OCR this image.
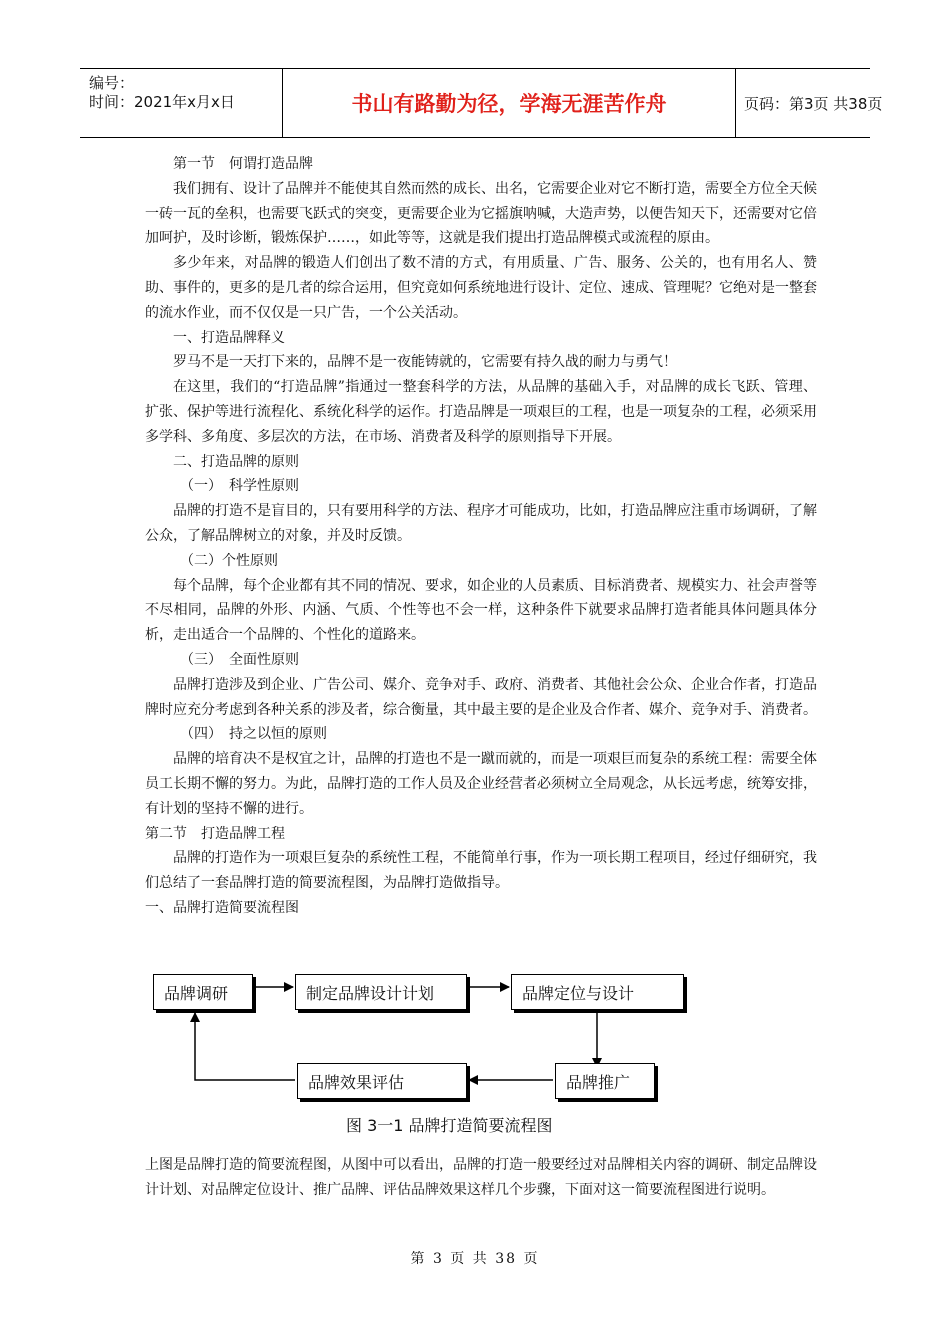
编号：
时间：2021年x月x日	书山有路勤为径，学海无涯苦作舟	页码：第3页 共38页

第一节　何谓打造品牌

我们拥有、设计了品牌并不能使其自然而然的成长、出名，它需要企业对它不断打造，需要全方位全天候一砖一瓦的垒积，也需要飞跃式的突变，更需要企业为它摇旗呐喊，大造声势，以便告知天下，还需要对它倍加呵护，及时诊断，锻炼保护……，如此等等，这就是我们提出打造品牌模式或流程的原由。

多少年来，对品牌的锻造人们创出了数不清的方式，有用质量、广告、服务、公关的，也有用名人、赞助、事件的，更多的是几者的综合运用，但究竟如何系统地进行设计、定位、速成、管理呢？它绝对是一整套的流水作业，而不仅仅是一只广告，一个公关活动。

一、打造品牌释义

罗马不是一天打下来的，品牌不是一夜能铸就的，它需要有持久战的耐力与勇气！

在这里，我们的“打造品牌”指通过一整套科学的方法，从品牌的基础入手，对品牌的成长飞跃、管理、扩张、保护等进行流程化、系统化科学的运作。打造品牌是一项艰巨的工程，也是一项复杂的工程，必须采用多学科、多角度、多层次的方法，在市场、消费者及科学的原则指导下开展。

二、打造品牌的原则

（一）　科学性原则

品牌的打造不是盲目的，只有要用科学的方法、程序才可能成功，比如，打造品牌应注重市场调研，了解公众，了解品牌树立的对象，并及时反馈。

（二）个性原则

每个品牌，每个企业都有其不同的情况、要求，如企业的人员素质、目标消费者、规模实力、社会声誉等不尽相同，品牌的外形、内涵、气质、个性等也不会一样，这种条件下就要求品牌打造者能具体问题具体分析，走出适合一个品牌的、个性化的道路来。

（三）　全面性原则

品牌打造涉及到企业、广告公司、媒介、竞争对手、政府、消费者、其他社会公众、企业合作者，打造品牌时应充分考虑到各种关系的涉及者，综合衡量，其中最主要的是企业及合作者、媒介、竞争对手、消费者。

（四）　持之以恒的原则

品牌的培育决不是权宜之计，品牌的打造也不是一蹴而就的，而是一项艰巨而复杂的系统工程：需要全体员工长期不懈的努力。为此，品牌打造的工作人员及企业经营者必须树立全局观念，从长远考虑，统筹安排，有计划的坚持不懈的进行。

第二节　打造品牌工程

品牌的打造作为一项艰巨复杂的系统性工程，不能简单行事，作为一项长期工程项目，经过仔细研究，我们总结了一套品牌打造的简要流程图，为品牌打造做指导。

一、品牌打造简要流程图

品牌调研	制定品牌设计计划	品牌定位与设计
品牌推广
品牌效果评估
图 3一1 品牌打造简要流程图

上图是品牌打造的简要流程图，从图中可以看出，品牌的打造一般要经过对品牌相关内容的调研、制定品牌设计计划、对品牌定位设计、推广品牌、评估品牌效果这样几个步骤，下面对这一简要流程图进行说明。

第 3 页 共 38 页
